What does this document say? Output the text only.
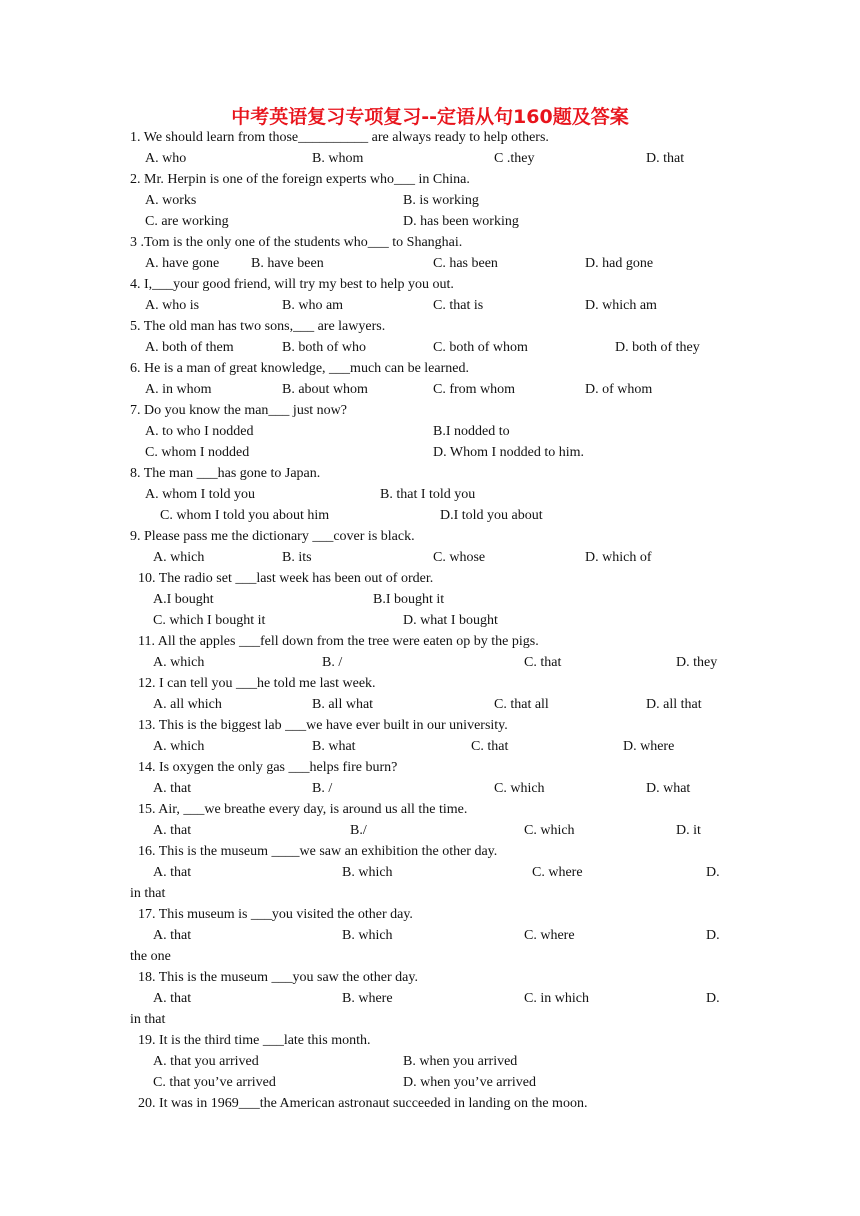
中考英语复习专项复习--定语从句160题及答案
1. We should learn from those__________ are always ready to help others.
A. who	B. whom	C .they	D. that
2. Mr. Herpin is one of the foreign experts who___ in China.
A. works	B. is working
C. are working	D. has been working
3 .Tom is the only one of the students who___ to Shanghai.
A. have gone B. have been	C. has been	D. had gone
4. I,___your good friend, will try my best to help you out.
A. who is	B. who am	C. that is	D. which am
5. The old man has two sons,___ are lawyers.
A. both of them	B. both of who	C. both of whom	D. both of they
6. He is a man of great knowledge, ___much can be learned.
A. in whom	B. about whom	C. from whom	D. of whom
7. Do you know the man___ just now?
A. to who I nodded	B.I nodded to
C. whom I nodded	D. Whom I nodded to him.
8. The man ___has gone to Japan.
A. whom I told you	B. that I told you
C. whom I told you about him	D.I told you about
9. Please pass me the dictionary ___cover is black.
A. which	B. its	C. whose	D. which of
10. The radio set ___last week has been out of order.
A.I bought	B.I bought it
C. which I bought it	D. what I bought
11. All the apples ___fell down from the tree were eaten op by the pigs.
A. which	B. /	C. that	D. they
12. I can tell you ___he told me last week.
A. all which	B. all what	C. that all	D. all that
13. This is the biggest lab ___we have ever built in our university.
A. which	B. what	C. that	D. where
14. Is oxygen the only gas ___helps fire burn?
A. that	B. /	C. which	D. what
15. Air, ___we breathe every day, is around us all the time.
A. that	B./	C. which	D. it
16. This is the museum ____we saw an exhibition the other day.
A. that	B. which	C. where	D.
in that
17. This museum is ___you visited the other day.
A. that	B. which	C. where	D.
the one
18. This is the museum ___you saw the other day.
A. that	B. where	C. in which	D.
in that
19. It is the third time ___late this month.
A. that you arrived	B. when you arrived
C. that you’ve arrived	D. when you’ve arrived
20. It was in 1969___the American astronaut succeeded in landing on the moon.
